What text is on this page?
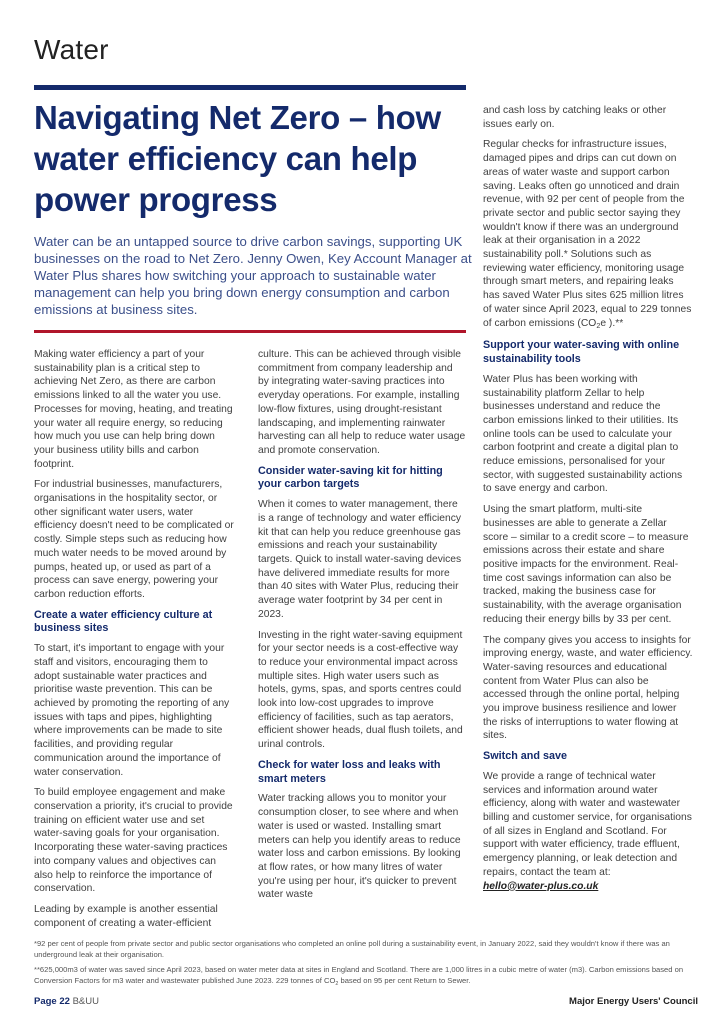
Water
Navigating Net Zero – how water efficiency can help power progress

Water can be an untapped source to drive carbon savings, supporting UK businesses on the road to Net Zero. Jenny Owen, Key Account Manager at Water Plus shares how switching your approach to sustainable water management can help you bring down energy consumption and carbon emissions at business sites.

Making water efficiency a part of your sustainability plan is a critical step to achieving Net Zero, as there are carbon emissions linked to all the water you use. Processes for moving, heating, and treating your water all require energy, so reducing how much you use can help bring down your business utility bills and carbon footprint.

For industrial businesses, manufacturers, organisations in the hospitality sector, or other significant water users, water efficiency doesn't need to be complicated or costly. Simple steps such as reducing how much water needs to be moved around by pumps, heated up, or used as part of a process can save energy, powering your carbon reduction efforts.

Create a water efficiency culture at business sites

To start, it's important to engage with your staff and visitors, encouraging them to adopt sustainable water practices and prioritise waste prevention. This can be achieved by promoting the reporting of any issues with taps and pipes, highlighting where improvements can be made to site facilities, and providing regular communication around the importance of water conservation.

To build employee engagement and make conservation a priority, it's crucial to provide training on efficient water use and set water-saving goals for your organisation. Incorporating these water-saving practices into company values and objectives can also help to reinforce the importance of conservation.

Leading by example is another essential component of creating a water-efficient

culture. This can be achieved through visible commitment from company leadership and by integrating water-saving practices into everyday operations. For example, installing low-flow fixtures, using drought-resistant landscaping, and implementing rainwater harvesting can all help to reduce water usage and promote conservation.

Consider water-saving kit for hitting your carbon targets

When it comes to water management, there is a range of technology and water efficiency kit that can help you reduce greenhouse gas emissions and reach your sustainability targets. Quick to install water-saving devices have delivered immediate results for more than 40 sites with Water Plus, reducing their average water footprint by 34 per cent in 2023.

Investing in the right water-saving equipment for your sector needs is a cost-effective way to reduce your environmental impact across multiple sites. High water users such as hotels, gyms, spas, and sports centres could look into low-cost upgrades to improve efficiency of facilities, such as tap aerators, efficient shower heads, dual flush toilets, and urinal controls.

Check for water loss and leaks with smart meters

Water tracking allows you to monitor your consumption closer, to see where and when water is used or wasted. Installing smart meters can help you identify areas to reduce water loss and carbon emissions. By looking at flow rates, or how many litres of water you're using per hour, it's quicker to prevent water waste

and cash loss by catching leaks or other issues early on.

Regular checks for infrastructure issues, damaged pipes and drips can cut down on areas of water waste and support carbon saving. Leaks often go unnoticed and drain revenue, with 92 per cent of people from the private sector and public sector saying they wouldn't know if there was an underground leak at their organisation in a 2022 sustainability poll.* Solutions such as reviewing water efficiency, monitoring usage through smart meters, and repairing leaks has saved Water Plus sites 625 million litres of water since April 2023, equal to 229 tonnes of carbon emissions ($CO_2e$ ).**

Support your water-saving with online sustainability tools

Water Plus has been working with sustainability platform Zellar to help businesses understand and reduce the carbon emissions linked to their utilities. Its online tools can be used to calculate your carbon footprint and create a digital plan to reduce emissions, personalised for your sector, with suggested sustainability actions to save energy and carbon.

Using the smart platform, multi-site businesses are able to generate a Zellar score – similar to a credit score – to measure emissions across their estate and share positive impacts for the environment. Real-time cost savings information can also be tracked, making the business case for sustainability, with the average organisation reducing their energy bills by 33 per cent.

The company gives you access to insights for improving energy, waste, and water efficiency. Water-saving resources and educational content from Water Plus can also be accessed through the online portal, helping you improve business resilience and lower the risks of interruptions to water flowing at sites.

Switch and save

We provide a range of technical water services and information around water efficiency, along with water and wastewater billing and customer service, for organisations of all sizes in England and Scotland. For support with water efficiency, trade effluent, emergency planning, or leak detection and repairs, contact the team at:

hello@water-plus.co.uk

*92 per cent of people from private sector and public sector organisations who completed an online poll during a sustainability event, in January 2022, said they wouldn't know if there was an underground leak at their organisation.

**625,000m3 of water was saved since April 2023, based on water meter data at sites in England and Scotland. There are 1,000 litres in a cubic metre of water (m3). Carbon emissions based on Conversion Factors for m3 water and wastewater published June 2023. 229 tonnes of $CO_2$ based on 95 per cent Return to Sewer.

Page 22 B&UU	Major Energy Users' Council
